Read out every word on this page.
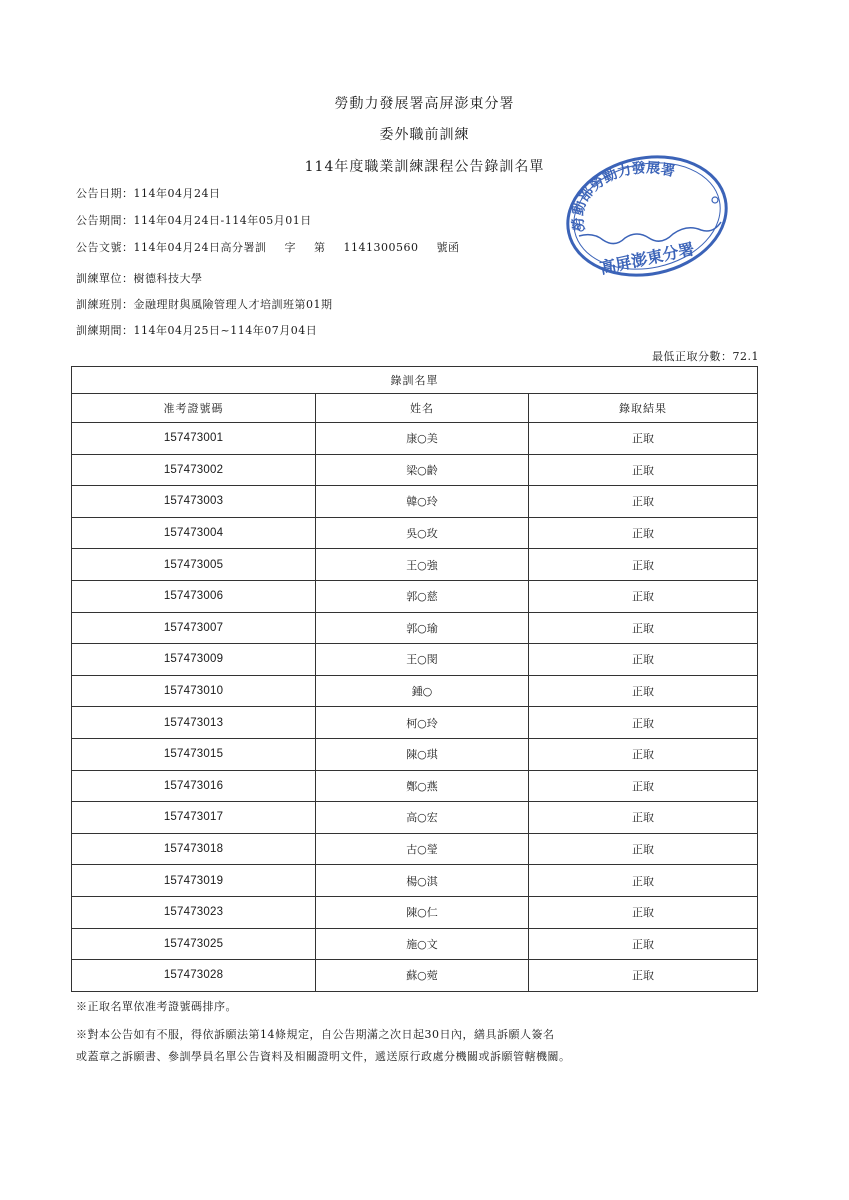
勞動力發展署高屏澎東分署
委外職前訓練
114年度職業訓練課程公告錄訓名單
公告日期：114年04月24日
公告期間：114年04月24日-114年05月01日
公告文號：114年04月24日高分署訓 字 第 1141300560 號函
訓練單位：樹德科技大學
訓練班別：金融理財與風險管理人才培訓班第01期
訓練期間：114年04月25日~114年07月04日
勞動部勞動力發展署
高屏澎東分署
最低正取分數：72.1
錄訓名單		
准考證號碼	姓名	錄取結果
157473001	康○美	正取
157473002	梁○齡	正取
157473003	韓○玲	正取
157473004	吳○玫	正取
157473005	王○強	正取
157473006	郭○慈	正取
157473007	郭○瑜	正取
157473009	王○閔	正取
157473010	鍾○	正取
157473013	柯○玲	正取
157473015	陳○琪	正取
157473016	鄭○燕	正取
157473017	高○宏	正取
157473018	古○瑩	正取
157473019	楊○淇	正取
157473023	陳○仁	正取
157473025	施○文	正取
157473028	蘇○菀	正取
※正取名單依准考證號碼排序。
※對本公告如有不服，得依訴願法第14條規定，自公告期滿之次日起30日內，繕具訴願人簽名
或蓋章之訴願書、參訓學員名單公告資料及相關證明文件，遞送原行政處分機關或訴願管轄機關。
